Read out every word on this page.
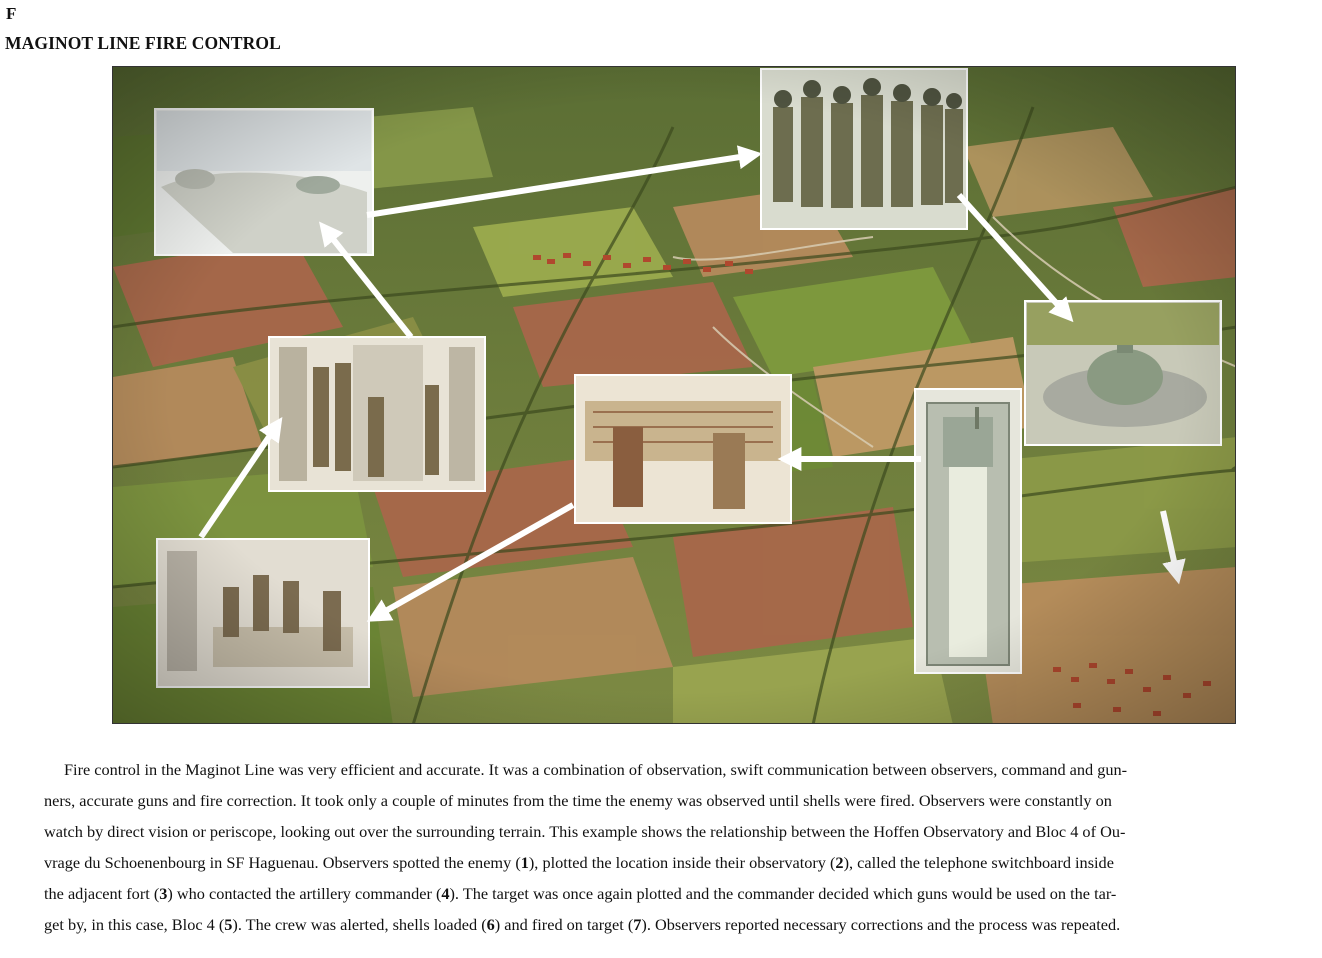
F
MAGINOT LINE FIRE CONTROL

Fire control in the Maginot Line was very efficient and accurate. It was a combination of observation, swift communication between observers, command and gun-
ners, accurate guns and fire correction. It took only a couple of minutes from the time the enemy was observed until shells were fired. Observers were constantly on
watch by direct vision or periscope, looking out over the surrounding terrain. This example shows the relationship between the Hoffen Observatory and Bloc 4 of Ou-
vrage du Schoenenbourg in SF Haguenau. Observers spotted the enemy (1), plotted the location inside their observatory (2), called the telephone switchboard inside
the adjacent fort (3) who contacted the artillery commander (4). The target was once again plotted and the commander decided which guns would be used on the tar-
get by, in this case, Bloc 4 (5). The crew was alerted, shells loaded (6) and fired on target (7). Observers reported necessary corrections and the process was repeated.
